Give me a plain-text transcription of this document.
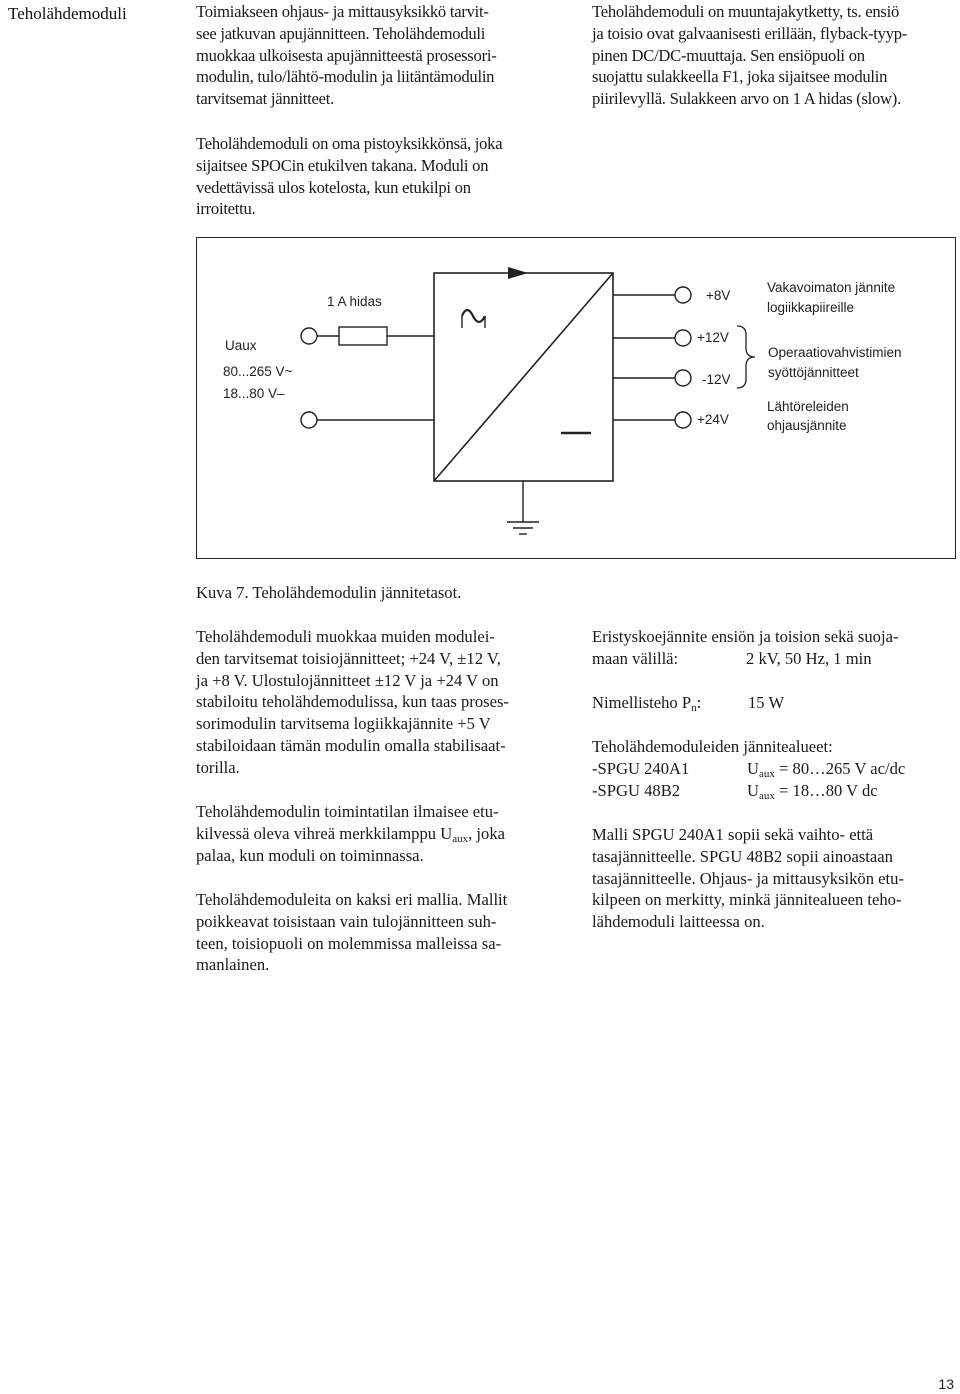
Teholähdemoduli	Toimiakseen ohjaus- ja mittausyksikkö tarvit-
see jatkuvan apujännitteen. Teholähdemoduli
muokkaa ulkoisesta apujännitteestä prosessori-
modulin, tulo/lähtö-modulin ja liitäntämodulin
tarvitsemat jännitteet.

Teholähdemoduli on oma pistoyksikkönsä, joka
sijaitsee SPOCin etukilven takana. Moduli on
vedettävissä ulos kotelosta, kun etukilpi on
irroitettu.

Teholähdemoduli on muuntajakytketty, ts. ensiö
ja toisio ovat galvaanisesti erillään, flyback-tyyp-
pinen DC/DC-muuttaja. Sen ensiöpuoli on
suojattu sulakkeella F1, joka sijaitsee modulin
piirilevyllä. Sulakkeen arvo on 1 A hidas (slow).

1 A hidas
Uaux
80...265 V~
18...80 V–
+8V
+12V
-12V
+24V
Vakavoimaton jännite
logiikkapiireille
Operaatiovahvistimien
syöttöjännitteet
Lähtöreleiden
ohjausjännite

Kuva 7. Teholähdemodulin jännitetasot.

Teholähdemoduli muokkaa muiden modulei-
den tarvitsemat toisiojännitteet; +24 V, ±12 V,
ja +8 V. Ulostulojännitteet ±12 V ja +24 V on
stabiloitu teholähdemodulissa, kun taas proses-
sorimodulin tarvitsema logiikkajännite +5 V
stabiloidaan tämän modulin omalla stabilisaat-
torilla.

Teholähdemodulin toimintatilan ilmaisee etu-
kilvessä oleva vihreä merkkilamppu $U_{aux}$, joka
palaa, kun moduli on toiminnassa.

Teholähdemoduleita on kaksi eri mallia. Mallit
poikkeavat toisistaan vain tulojännitteen suh-
teen, toisiopuoli on molemmissa malleissa sa-
manlainen.

Eristyskoejännite ensiön ja toision sekä suoja-
maan välillä:	2 kV, 50 Hz, 1 min
Nimellisteho $P_n$:	15 W
Teholähdemoduleiden jännitealueet:
-SPGU 240A1	$U_{aux}$ = 80…265 V ac/dc
-SPGU 48B2	$U_{aux}$ = 18…80 V dc

Malli SPGU 240A1 sopii sekä vaihto- että
tasajännitteelle. SPGU 48B2 sopii ainoastaan
tasajännitteelle. Ohjaus- ja mittausyksikön etu-
kilpeen on merkitty, minkä jännitealueen teho-
lähdemoduli laitteessa on.

13
